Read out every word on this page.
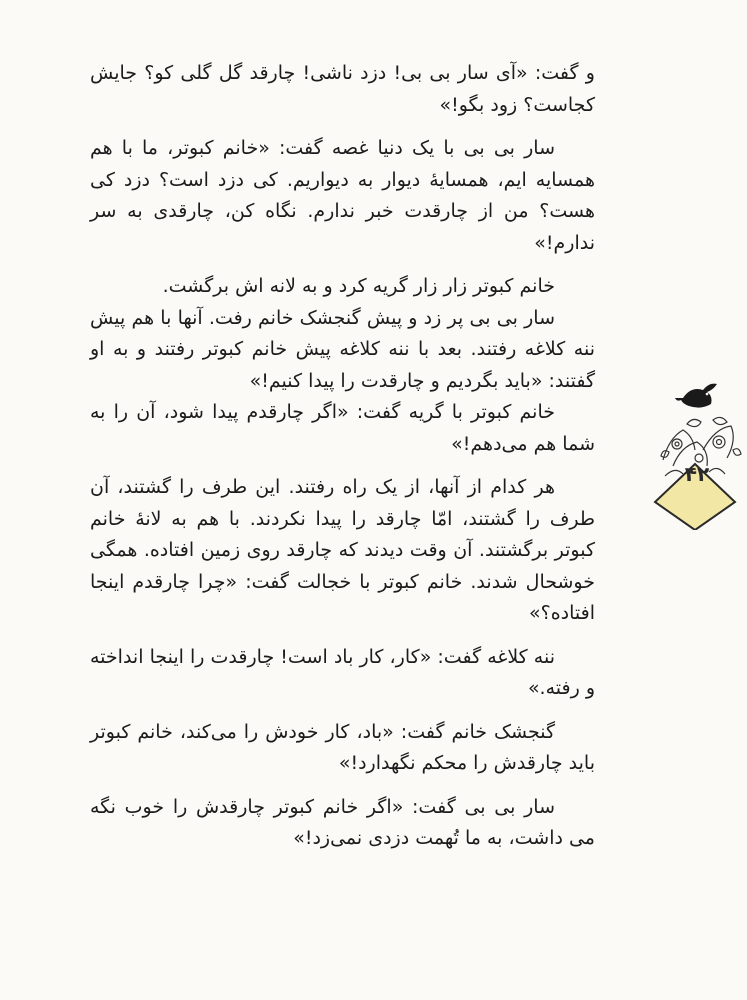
و گفت: «آی سار بی بی! دزد ناشی! چارقد گل گلی کو؟ جایش کجاست؟ زود بگو!»

سار بی بی با یک دنیا غصه گفت: «خانم کبوتر، ما با هم همسایه ایم، همسایهٔ دیوار به دیواریم. کی دزد است؟ دزد کی هست؟ من از چارقدت خبر ندارم. نگاه کن، چارقدی به سر ندارم!»

خانم کبوتر زار زار گریه کرد و به لانه اش برگشت.

سار بی بی پر زد و پیش گنجشک خانم رفت. آنها با هم پیش ننه کلاغه رفتند. بعد با ننه کلاغه پیش خانم کبوتر رفتند و به او گفتند: «باید بگردیم و چارقدت را پیدا کنیم!»

خانم کبوتر با گریه گفت: «اگر چارقدم پیدا شود، آن را به شما هم می‌دهم!»

هر کدام از آنها، از یک راه رفتند. این طرف را گشتند، آن طرف را گشتند، امّا چارقد را پیدا نکردند. با هم به لانهٔ خانم کبوتر برگشتند. آن وقت دیدند که چارقد روی زمین افتاده. همگی خوشحال شدند. خانم کبوتر با خجالت گفت: «چرا چارقدم اینجا افتاده؟»

ننه کلاغه گفت: «کار، کار باد است! چارقدت را اینجا انداخته و رفته.»

گنجشک خانم گفت: «باد، کار خودش را می‌کند، خانم کبوتر باید چارقدش را محکم نگهدارد!»

سار بی بی گفت: «اگر خانم کبوتر چارقدش را خوب نگه می داشت، به ما تُهمت دزدی نمی‌زد!»

۴۲
